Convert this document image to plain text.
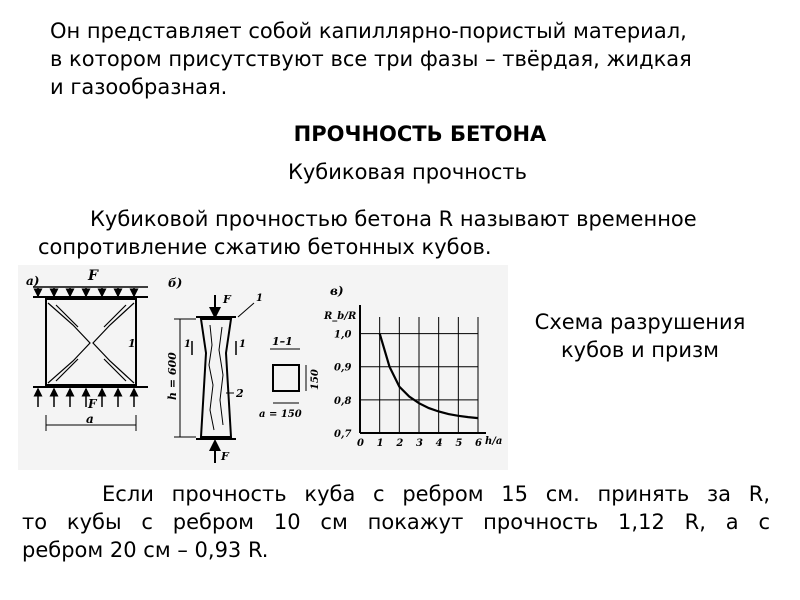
Он представляет собой капиллярно-пористый материал,
в котором присутствуют все три фазы – твёрдая, жидкая
и газообразная.
ПРОЧНОСТЬ БЕТОНА
Кубиковая прочность
Кубиковой прочностью бетона R называют временное
сопротивление сжатию бетонных кубов.
Схема разрушения
кубов и призм
а)	F
1
F
a
б)
F	1
F
h = 600
1	1
2
1–1
a = 150
150
в)
R_b/R
h/a
0 1 2 3 4 5 6
0,7
0,8
0,9
1,0
Если прочность куба с ребром 15 см. принять за R,
то кубы с ребром 10 см покажут прочность 1,12 R, а с
ребром 20 см – 0,93 R.
